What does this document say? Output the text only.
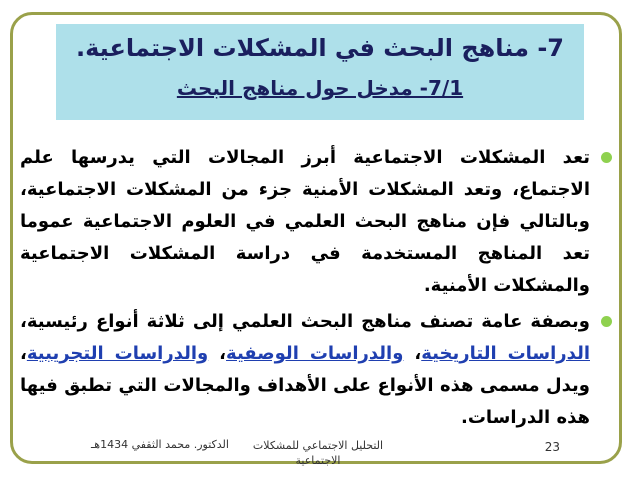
7- مناهج البحث في المشكلات الاجتماعية.
7/1- مدخل حول مناهج البحث

تعد المشكلات الاجتماعية أبرز المجالات التي يدرسها علم الاجتماع، وتعد المشكلات الأمنية جزء من المشكلات الاجتماعية، وبالتالي فإن مناهج البحث العلمي في العلوم الاجتماعية عموما تعد المناهج المستخدمة في دراسة المشكلات الاجتماعية والمشكلات الأمنية.

وبصفة عامة تصنف مناهج البحث العلمي إلى ثلاثة أنواع رئيسية، الدراسات التاريخية، والدراسات الوصفية، والدراسات التجريبية، ويدل مسمى هذه الأنواع على الأهداف والمجالات التي تطبق فيها هذه الدراسات.

23
التحليل الاجتماعي للمشكلات الاجتماعية
الدكتور. محمد الثقفي 1434هـ
